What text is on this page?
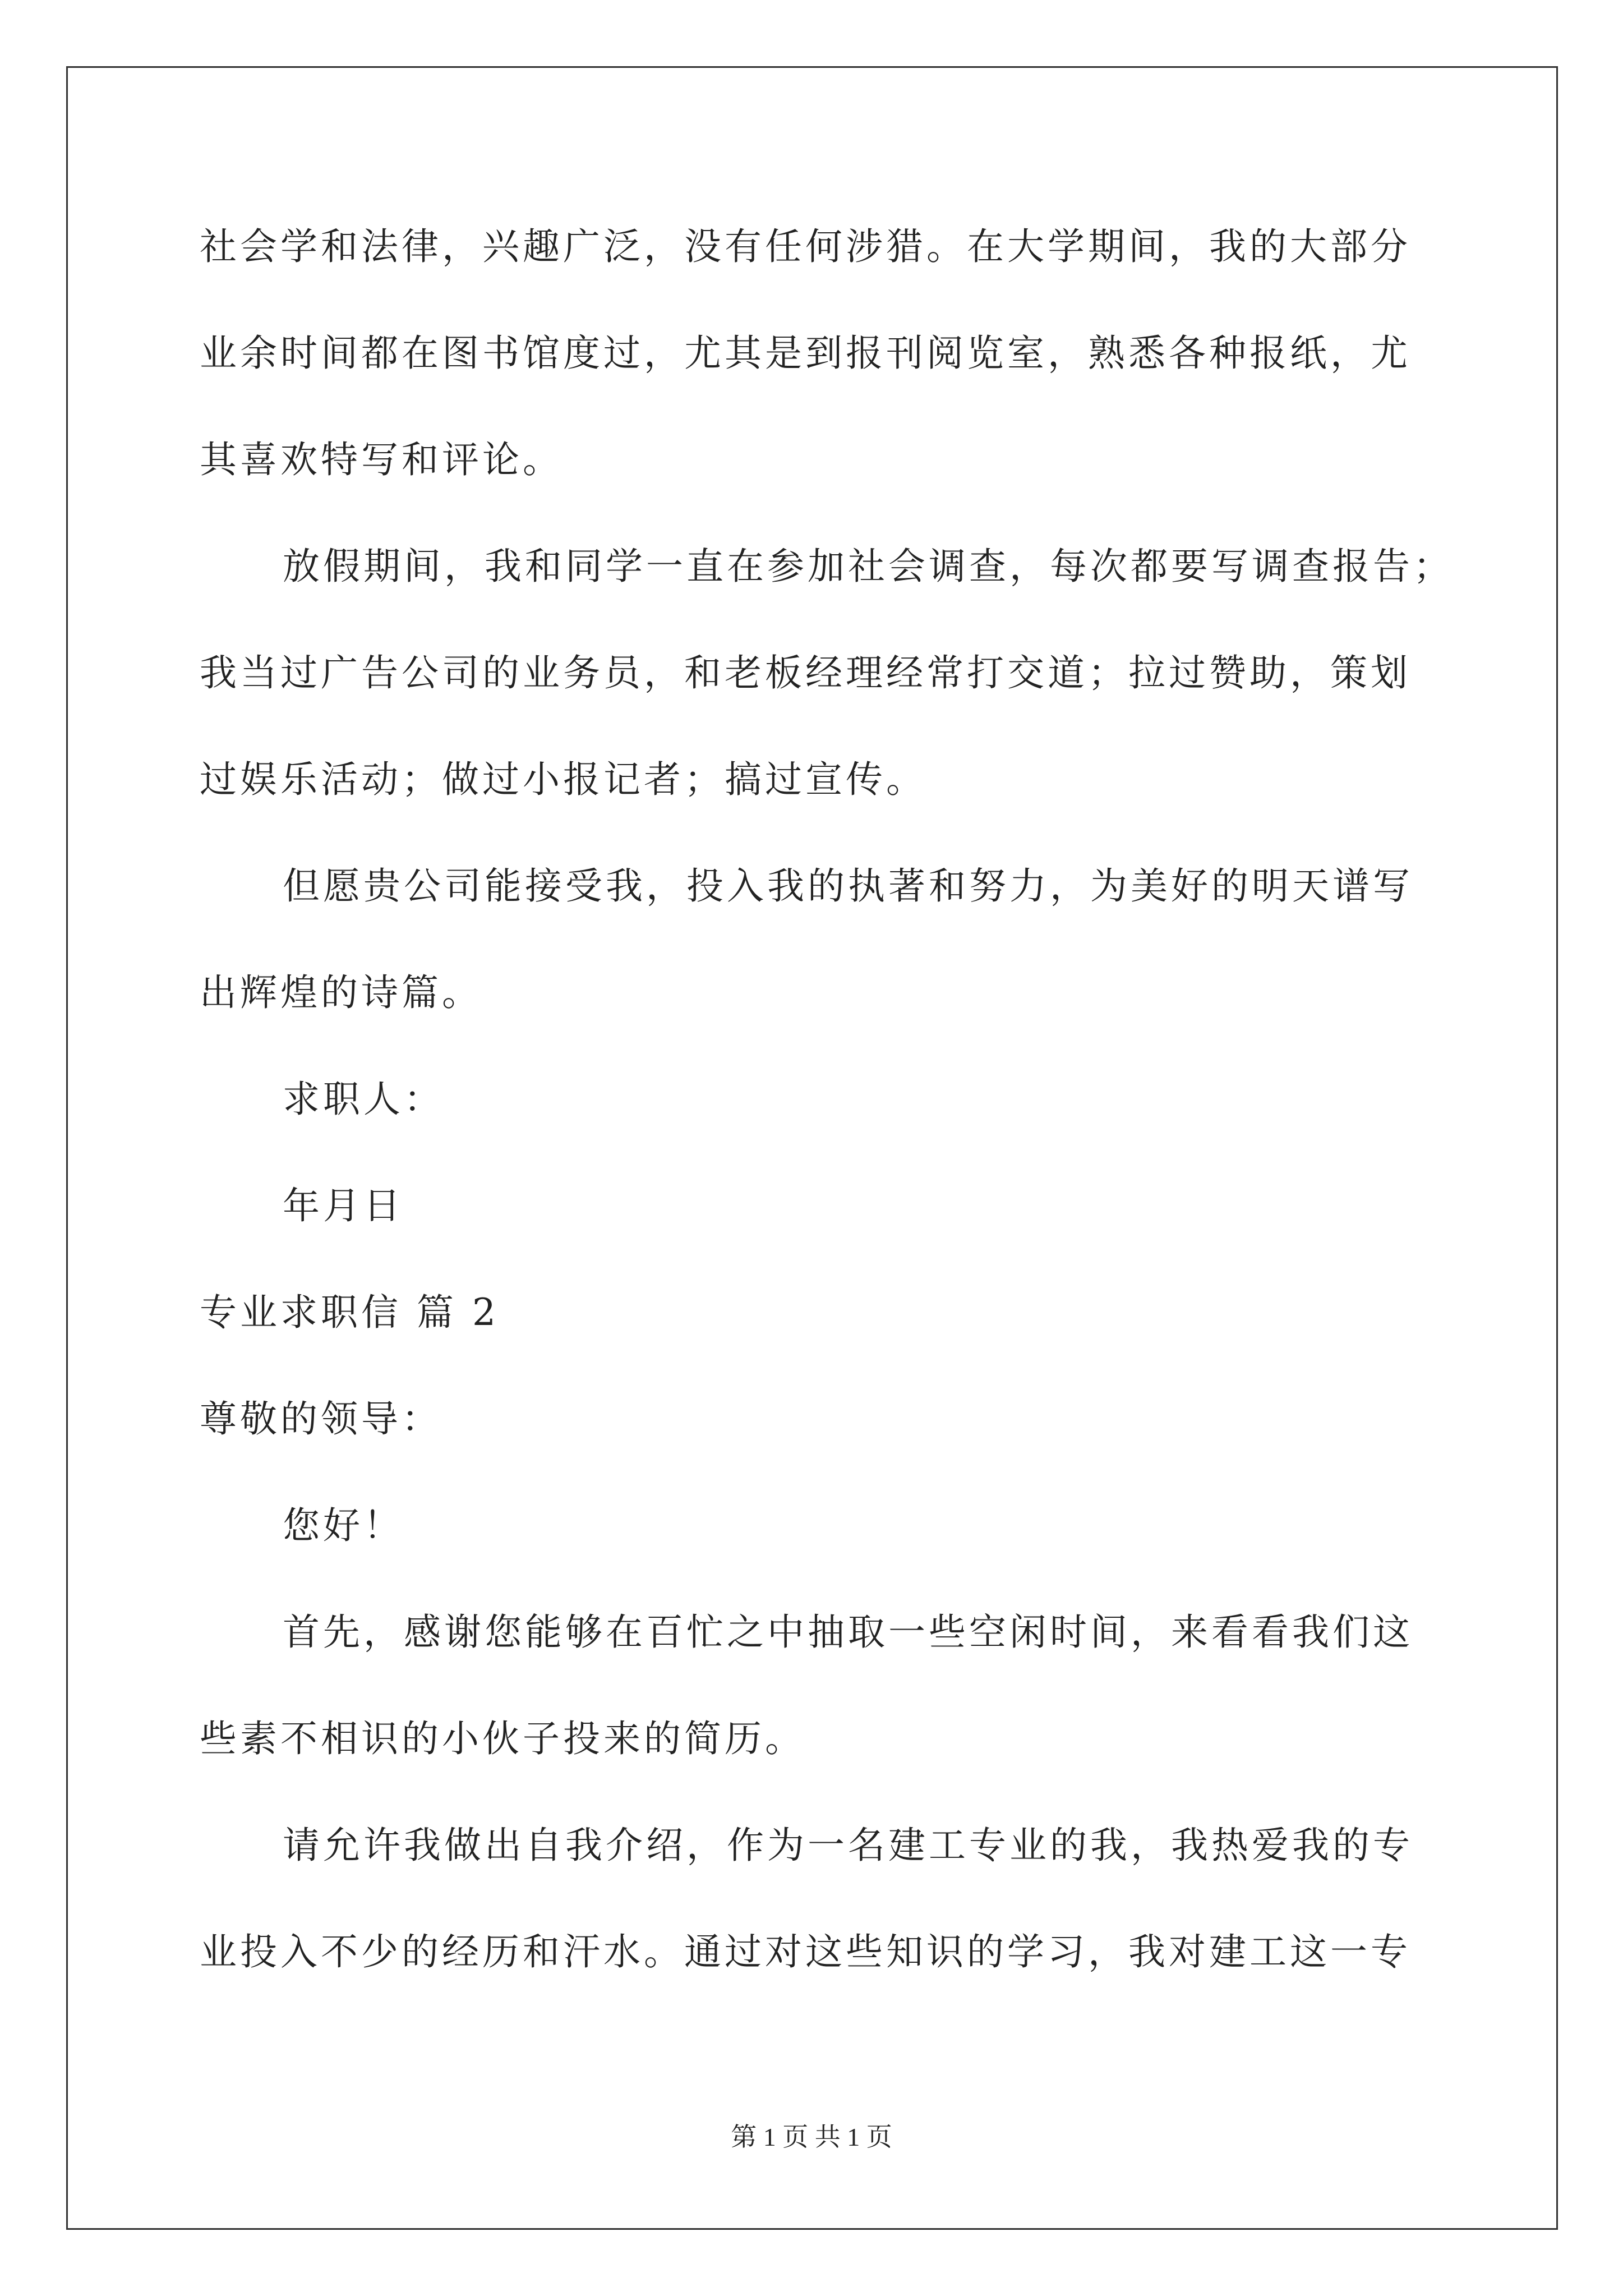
社会学和法律，兴趣广泛，没有任何涉猎。在大学期间，我的大部分
业余时间都在图书馆度过，尤其是到报刊阅览室，熟悉各种报纸，尤
其喜欢特写和评论。
放假期间，我和同学一直在参加社会调查，每次都要写调查报告；
我当过广告公司的业务员，和老板经理经常打交道；拉过赞助，策划
过娱乐活动；做过小报记者；搞过宣传。
但愿贵公司能接受我，投入我的执著和努力，为美好的明天谱写
出辉煌的诗篇。
求职人：
年月日
专业求职信 篇 2
尊敬的领导：
您好！
首先，感谢您能够在百忙之中抽取一些空闲时间，来看看我们这
些素不相识的小伙子投来的简历。
请允许我做出自我介绍，作为一名建工专业的我，我热爱我的专
业投入不少的经历和汗水。通过对这些知识的学习，我对建工这一专
第 1 页 共 1 页
